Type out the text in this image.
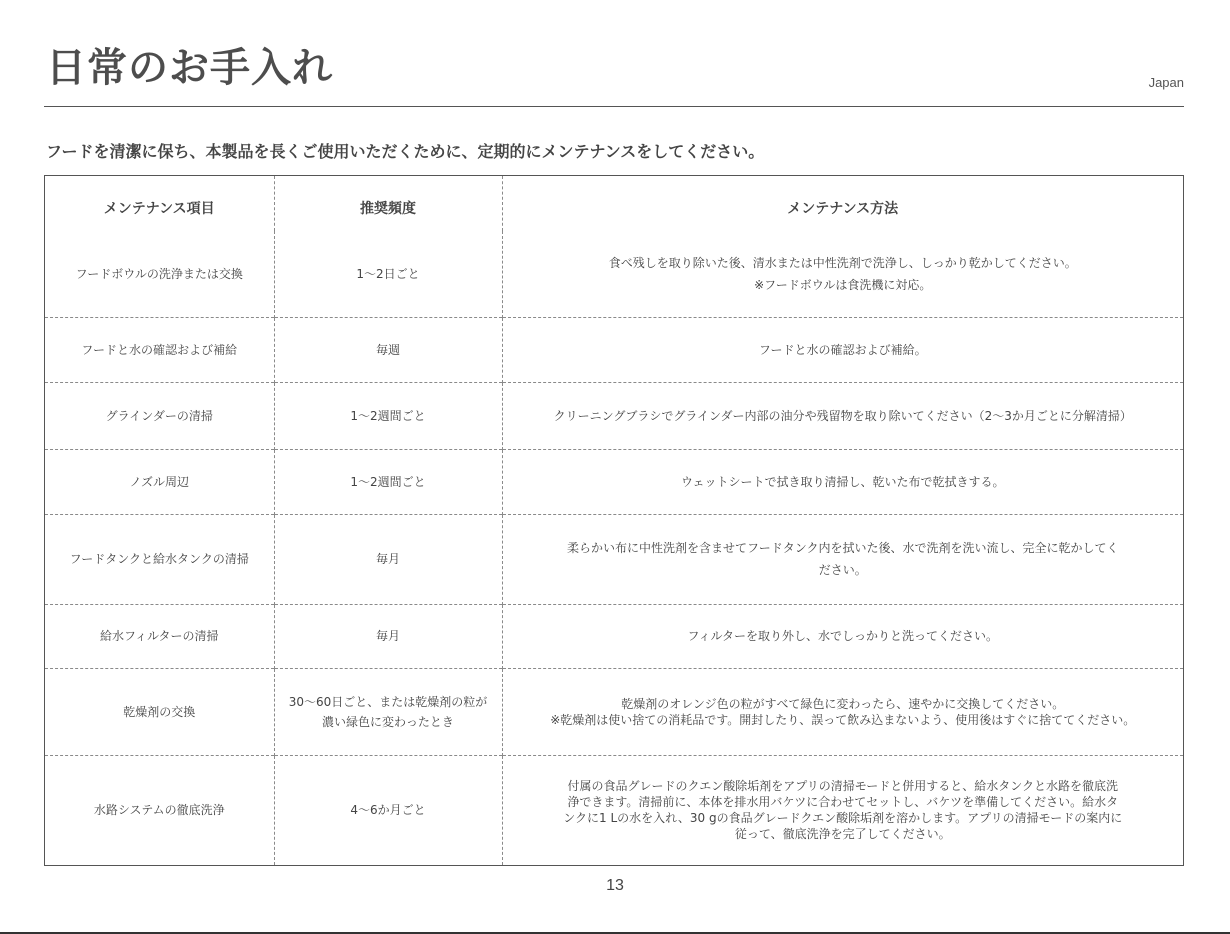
日常のお手入れ	Japan

フードを清潔に保ち、本製品を長くご使用いただくために、定期的にメンテナンスをしてください。

メンテナンス項目	推奨頻度	メンテナンス方法
フードボウルの洗浄または交換	1〜2日ごと	食べ残しを取り除いた後、清水または中性洗剤で洗浄し、しっかり乾かしてください。
※フードボウルは食洗機に対応。

フードと水の確認および補給	毎週	フードと水の確認および補給。

グラインダーの清掃	1〜2週間ごと	クリーニングブラシでグラインダー内部の油分や残留物を取り除いてください（2〜3か月ごとに分解清掃）

ノズル周辺	1〜2週間ごと	ウェットシートで拭き取り清掃し、乾いた布で乾拭きする。

フードタンクと給水タンクの清掃	毎月	柔らかい布に中性洗剤を含ませてフードタンク内を拭いた後、水で洗剤を洗い流し、完全に乾かしてく
ださい。

給水フィルターの清掃	毎月	フィルターを取り外し、水でしっかりと洗ってください。

乾燥剤の交換	30〜60日ごと、または乾燥剤の粒が濃い緑色に変わったとき	乾燥剤のオレンジ色の粒がすべて緑色に変わったら、速やかに交換してください。
※乾燥剤は使い捨ての消耗品です。開封したり、誤って飲み込まないよう、使用後はすぐに捨ててください。

水路システムの徹底洗浄	4〜6か月ごと	付属の食品グレードのクエン酸除垢剤をアプリの清掃モードと併用すると、給水タンクと水路を徹底洗
浄できます。清掃前に、本体を排水用バケツに合わせてセットし、バケツを準備してください。給水タ
ンクに1 Lの水を入れ、30 gの食品グレードクエン酸除垢剤を溶かします。アプリの清掃モードの案内に
従って、徹底洗浄を完了してください。
13
